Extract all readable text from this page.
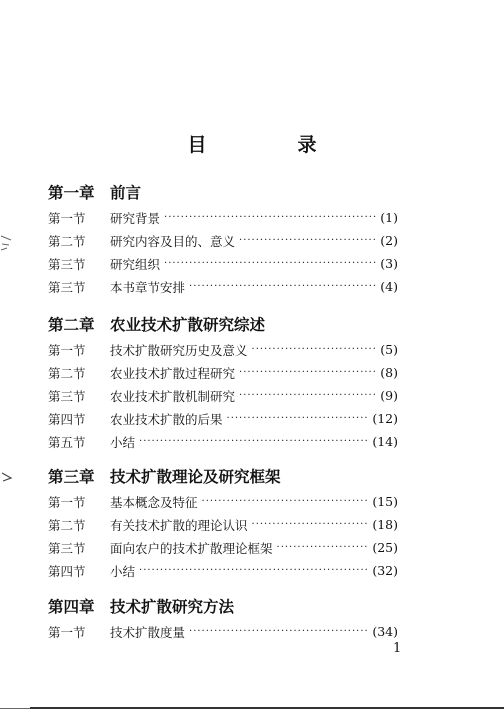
目　录
第一章 前言
第一节	研究背景 ·····	(1)
第二节	研究内容及目的、意义 ·····	(2)
第三节	研究组织 ·····	(3)
第三节	本书章节安排 ·····	(4)
第二章 农业技术扩散研究综述
第一节	技术扩散研究历史及意义 ·····	(5)
第二节	农业技术扩散过程研究 ·····	(8)
第三节	农业技术扩散机制研究 ·····	(9)
第四节	农业技术扩散的后果 ·····	(12)
第五节	小结 ·····	(14)
第三章 技术扩散理论及研究框架
第一节	基本概念及特征 ·····	(15)
第二节	有关技术扩散的理论认识 ·····	(18)
第三节	面向农户的技术扩散理论框架 ·····	(25)
第四节	小结 ·····	(32)
第四章 技术扩散研究方法
第一节	技术扩散度量 ·····	(34)
1
